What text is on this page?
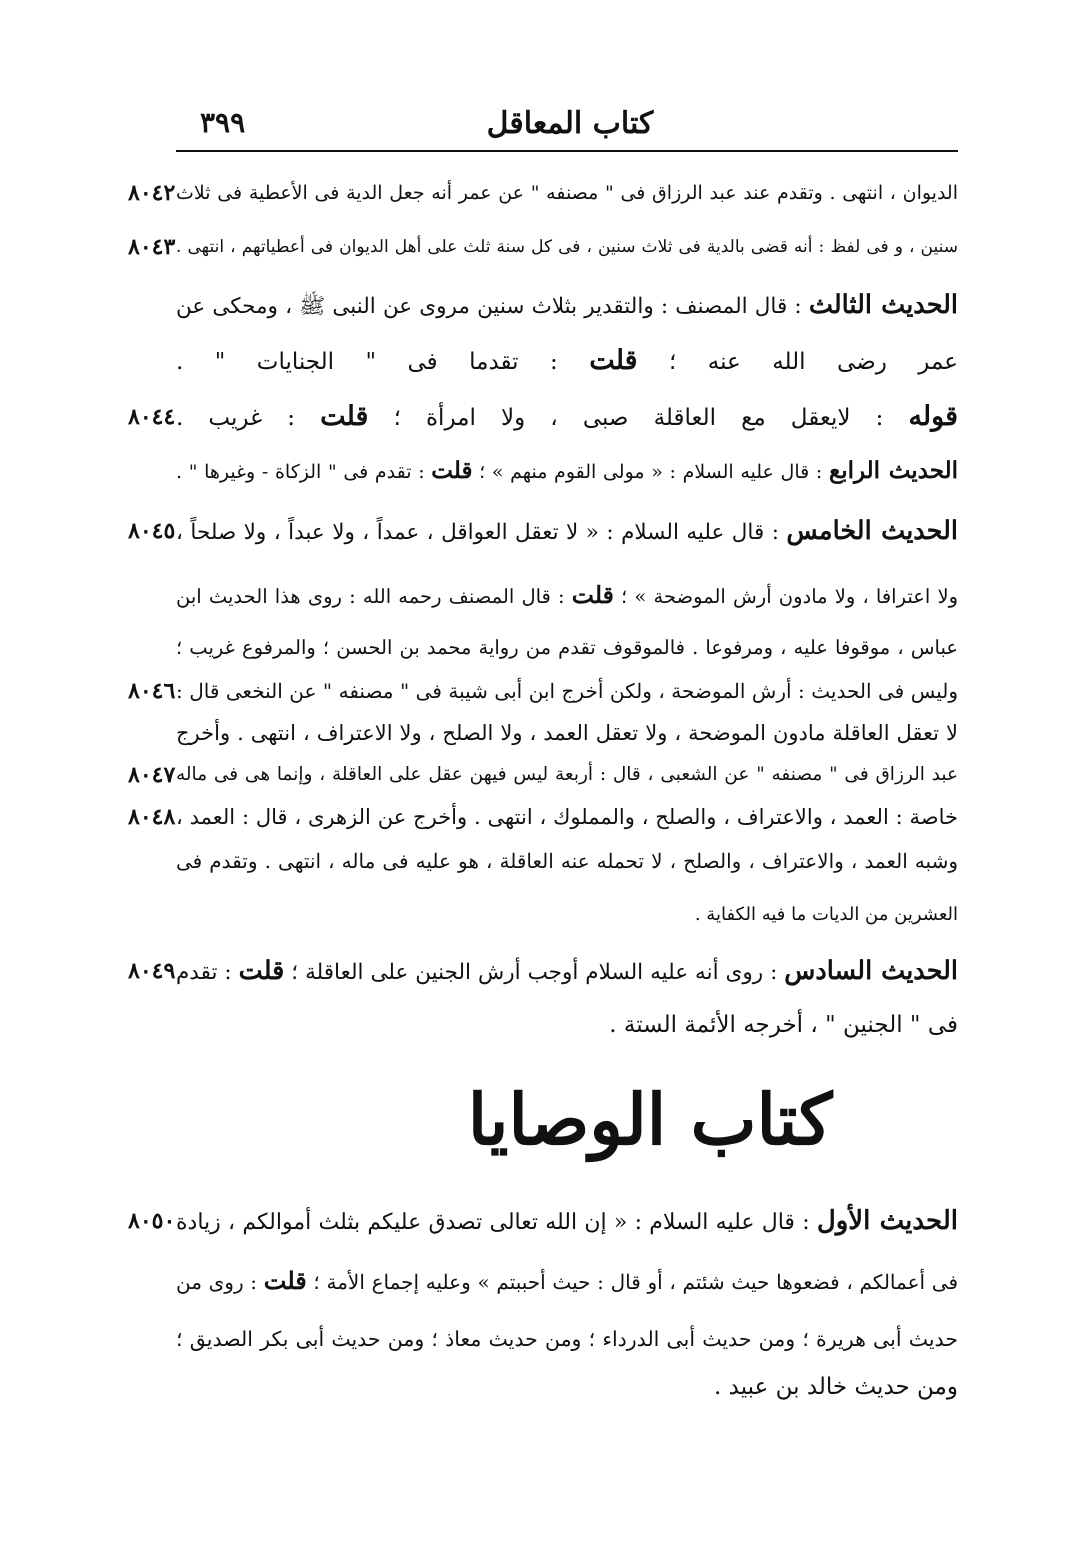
كتاب المعاقل
٣٩٩
الديوان ، انتهى . وتقدم عند عبد الرزاق فى " مصنفه " عن عمر أنه جعل الدية فى الأعطية فى ثلاث
٨٠٤٢
سنين ، و فى لفظ : أنه قضى بالدية فى ثلاث سنين ، فى كل سنة ثلث على أهل الديوان فى أعطياتهم ، انتهى .
٨٠٤٣
الحديث الثالث : قال المصنف : والتقدير بثلاث سنين مروى عن النبى ﷺ ، ومحكى عن
عمر رضى الله عنه ؛ قلت : تقدما فى " الجنايات " .
قوله : لايعقل مع العاقلة صبى ، ولا امرأة ؛ قلت : غريب .
٨٠٤٤
الحديث الرابع : قال عليه السلام : « مولى القوم منهم » ؛ قلت : تقدم فى " الزكاة - وغيرها " .
الحديث الخامس : قال عليه السلام : « لا تعقل العواقل ، عمداً ، ولا عبداً ، ولا صلحاً ،
٨٠٤٥
ولا اعترافا ، ولا مادون أرش الموضحة » ؛ قلت : قال المصنف رحمه الله : روى هذا الحديث ابن
عباس ، موقوفا عليه ، ومرفوعا . فالموقوف تقدم من رواية محمد بن الحسن ؛ والمرفوع غريب ؛
وليس فى الحديث : أرش الموضحة ، ولكن أخرج ابن أبى شيبة فى " مصنفه " عن النخعى قال :
٨٠٤٦
لا تعقل العاقلة مادون الموضحة ، ولا تعقل العمد ، ولا الصلح ، ولا الاعتراف ، انتهى . وأخرج
عبد الرزاق فى " مصنفه " عن الشعبى ، قال : أربعة ليس فيهن عقل على العاقلة ، وإنما هى فى ماله
٨٠٤٧
خاصة : العمد ، والاعتراف ، والصلح ، والمملوك ، انتهى . وأخرج عن الزهرى ، قال : العمد ،
٨٠٤٨
وشبه العمد ، والاعتراف ، والصلح ، لا تحمله عنه العاقلة ، هو عليه فى ماله ، انتهى . وتقدم فى
العشرين من الديات ما فيه الكفاية .
الحديث السادس : روى أنه عليه السلام أوجب أرش الجنين على العاقلة ؛ قلت : تقدم
٨٠٤٩
فى " الجنين " ، أخرجه الأئمة الستة .
كتاب الوصايا
الحديث الأول : قال عليه السلام : « إن الله تعالى تصدق عليكم بثلث أموالكم ، زيادة
٨٠٥٠
فى أعمالكم ، فضعوها حيث شئتم ، أو قال : حيث أحببتم » وعليه إجماع الأمة ؛ قلت : روى من
حديث أبى هريرة ؛ ومن حديث أبى الدرداء ؛ ومن حديث معاذ ؛ ومن حديث أبى بكر الصديق ؛
ومن حديث خالد بن عبيد .
